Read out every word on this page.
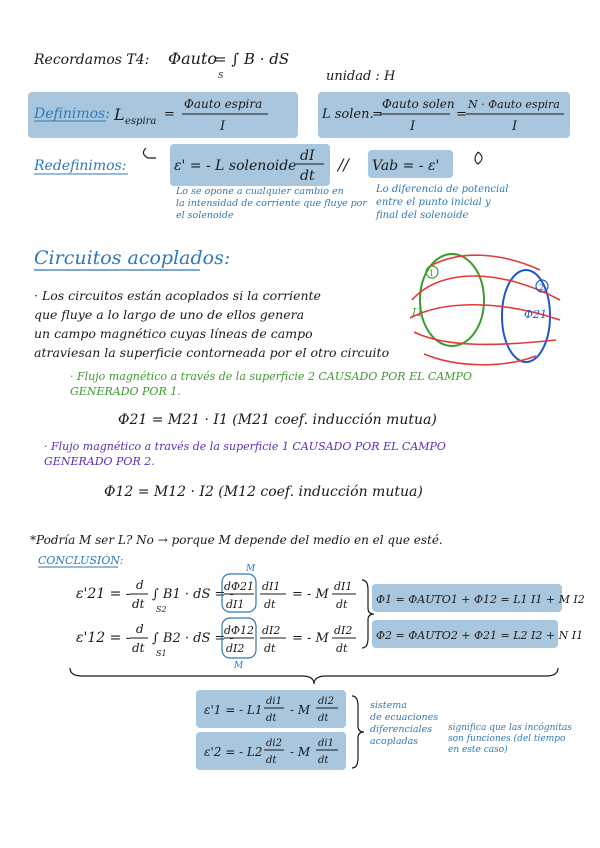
Recordamos T4: Φauto
= ∫ B · dS
S	unidad : H
Definimos: L espira =
Φauto espira
I
L solen.
=
Φauto solen
I
=
N · Φauto espira
I
Redefinimos:	ε' = - L solenoide
dI
dt
// Vab = - ε'
Lo se opone a cualquier cambio en la intensidad de corriente que fluye por el solenoide
Lo diferencia de potencial entre el punto inicial y final del solenoide
Circuitos acoplados:
· Los circuitos están acoplados si la corriente que fluye a lo largo de uno de ellos genera un campo magnético cuyas líneas de campo atraviesan la superficie contorneada por el otro circuito
1
2
I1	Φ21
· Flujo magnético a través de la superficie 2 CAUSADO POR EL CAMPO GENERADO POR 1.
Φ21 = M21 · I1 (M21 coef. inducción mutua)
· Flujo magnético a través de la superficie 1 CAUSADO POR EL CAMPO GENERADO POR 2.
Φ12 = M12 · I2 (M12 coef. inducción mutua)
*Podría M ser L? No → porque M depende del medio en el que esté.
CONCLUSIÓN:
ε'21 = -
d
dt
∫ B1 · dS = -
S2
M
dΦ21
dI1
dI1
dt
= - M
dI1
dt
ε'12 = -
d
dt
∫ B2 · dS = -
S1
dΦ12
dI2
M
dI2
dt
= - M
dI2
dt
Φ1 = ΦAUTO1 + Φ12 = L1 I1 + M I2
Φ2 = ΦAUTO2 + Φ21 = L2 I2 + N I1
ε'1 = - L1
di1
dt
- M
di2
dt
ε'2 = - L2
di2
dt
- M
di1
dt
sistema de ecuaciones diferenciales acopladas
significa que las incógnitas son funciones (del tiempo en este caso)
